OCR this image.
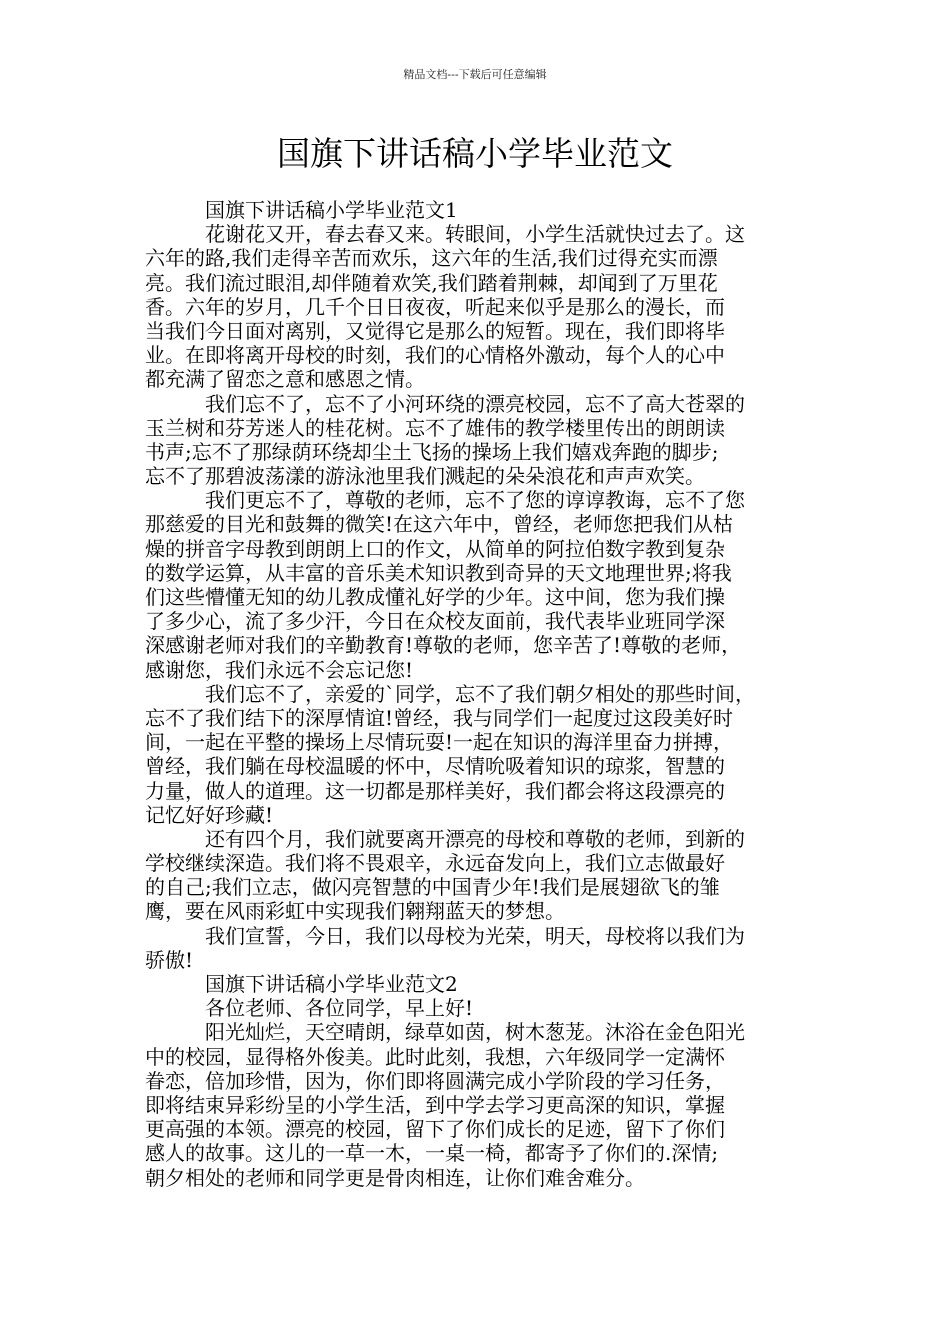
精品文档---下载后可任意编辑
国旗下讲话稿小学毕业范文
　　　国旗下讲话稿小学毕业范文1
　　　花谢花又开，春去春又来。转眼间，小学生活就快过去了。这
六年的路,我们走得辛苦而欢乐，这六年的生活,我们过得充实而漂
亮。我们流过眼泪,却伴随着欢笑,我们踏着荆棘，却闻到了万里花
香。六年的岁月，几千个日日夜夜，听起来似乎是那么的漫长，而
当我们今日面对离别，又觉得它是那么的短暂。现在，我们即将毕
业。在即将离开母校的时刻，我们的心情格外激动，每个人的心中
都充满了留恋之意和感恩之情。
　　　我们忘不了，忘不了小河环绕的漂亮校园，忘不了高大苍翠的
玉兰树和芬芳迷人的桂花树。忘不了雄伟的教学楼里传出的朗朗读
书声;忘不了那绿荫环绕却尘土飞扬的操场上我们嬉戏奔跑的脚步;
忘不了那碧波荡漾的游泳池里我们溅起的朵朵浪花和声声欢笑。
　　　我们更忘不了，尊敬的老师，忘不了您的谆谆教诲，忘不了您
那慈爱的目光和鼓舞的微笑!在这六年中，曾经，老师您把我们从枯
燥的拼音字母教到朗朗上口的作文，从简单的阿拉伯数字教到复杂
的数学运算，从丰富的音乐美术知识教到奇异的天文地理世界;将我
们这些懵懂无知的幼儿教成懂礼好学的少年。这中间，您为我们操
了多少心，流了多少汗，今日在众校友面前，我代表毕业班同学深
深感谢老师对我们的辛勤教育!尊敬的老师，您辛苦了!尊敬的老师，
感谢您，我们永远不会忘记您!
　　　我们忘不了，亲爱的`同学，忘不了我们朝夕相处的那些时间，
忘不了我们结下的深厚情谊!曾经，我与同学们一起度过这段美好时
间，一起在平整的操场上尽情玩耍!一起在知识的海洋里奋力拼搏，
曾经，我们躺在母校温暖的怀中，尽情吮吸着知识的琼浆，智慧的
力量，做人的道理。这一切都是那样美好，我们都会将这段漂亮的
记忆好好珍藏!
　　　还有四个月，我们就要离开漂亮的母校和尊敬的老师，到新的
学校继续深造。我们将不畏艰辛，永远奋发向上，我们立志做最好
的自己;我们立志，做闪亮智慧的中国青少年!我们是展翅欲飞的雏
鹰，要在风雨彩虹中实现我们翱翔蓝天的梦想。
　　　我们宣誓，今日，我们以母校为光荣，明天，母校将以我们为
骄傲!
　　　国旗下讲话稿小学毕业范文2
　　　各位老师、各位同学，早上好!
　　　阳光灿烂，天空晴朗，绿草如茵，树木葱茏。沐浴在金色阳光
中的校园，显得格外俊美。此时此刻，我想，六年级同学一定满怀
眷恋，倍加珍惜，因为，你们即将圆满完成小学阶段的学习任务，
即将结束异彩纷呈的小学生活，到中学去学习更高深的知识，掌握
更高强的本领。漂亮的校园，留下了你们成长的足迹，留下了你们
感人的故事。这儿的一草一木，一桌一椅，都寄予了你们的.深情;
朝夕相处的老师和同学更是骨肉相连，让你们难舍难分。
